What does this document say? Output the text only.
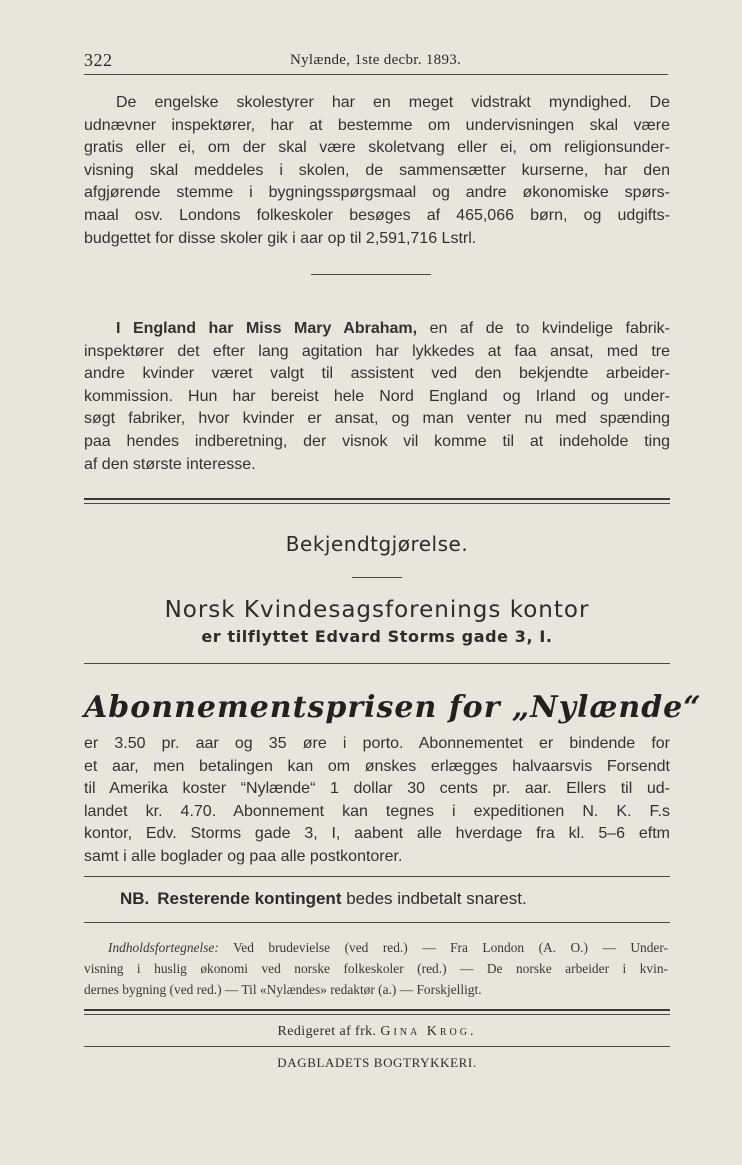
322	Nylænde, 1ste decbr. 1893.
De engelske skolestyrer har en meget vidstrakt myndighed. De
udnævner inspektører, har at bestemme om undervisningen skal være
gratis eller ei, om der skal være skoletvang eller ei, om religionsunder-
visning skal meddeles i skolen, de sammensætter kurserne, har den
afgjørende stemme i bygningsspørgsmaal og andre økonomiske spørs-
maal osv. Londons folkeskoler besøges af 465,066 børn, og udgifts-
budgettet for disse skoler gik i aar op til 2,591,716 Lstrl.
I England har Miss Mary Abraham, en af de to kvindelige fabrik-
inspektører det efter lang agitation har lykkedes at faa ansat, med tre
andre kvinder været valgt til assistent ved den bekjendte arbeider-
kommission. Hun har bereist hele Nord England og Irland og under-
søgt fabriker, hvor kvinder er ansat, og man venter nu med spænding
paa hendes indberetning, der visnok vil komme til at indeholde ting
af den største interesse.
Bekjendtgjørelse.
Norsk Kvindesagsforenings kontor
er tilflyttet Edvard Storms gade 3, I.
Abonnementsprisen for „Nylænde“
er 3.50 pr. aar og 35 øre i porto. Abonnementet er bindende for
et aar, men betalingen kan om ønskes erlægges halvaarsvis Forsendt
til Amerika koster “Nylænde“ 1 dollar 30 cents pr. aar. Ellers til ud-
landet kr. 4.70. Abonnement kan tegnes i expeditionen N. K. F.s
kontor, Edv. Storms gade 3, I, aabent alle hverdage fra kl. 5–6 eftm
samt i alle boglader og paa alle postkontorer.
NB. Resterende kontingent bedes indbetalt snarest.
Indholdsfortegnelse: Ved brudevielse (ved red.) — Fra London (A. O.) — Under-
visning i huslig økonomi ved norske folkeskoler (red.) — De norske arbeider i kvin-
dernes bygning (ved red.) — Til «Nylændes» redaktør (a.) — Forskjelligt.
Redigeret af frk. Gina Krog.
DAGBLADETS BOGTRYKKERI.
